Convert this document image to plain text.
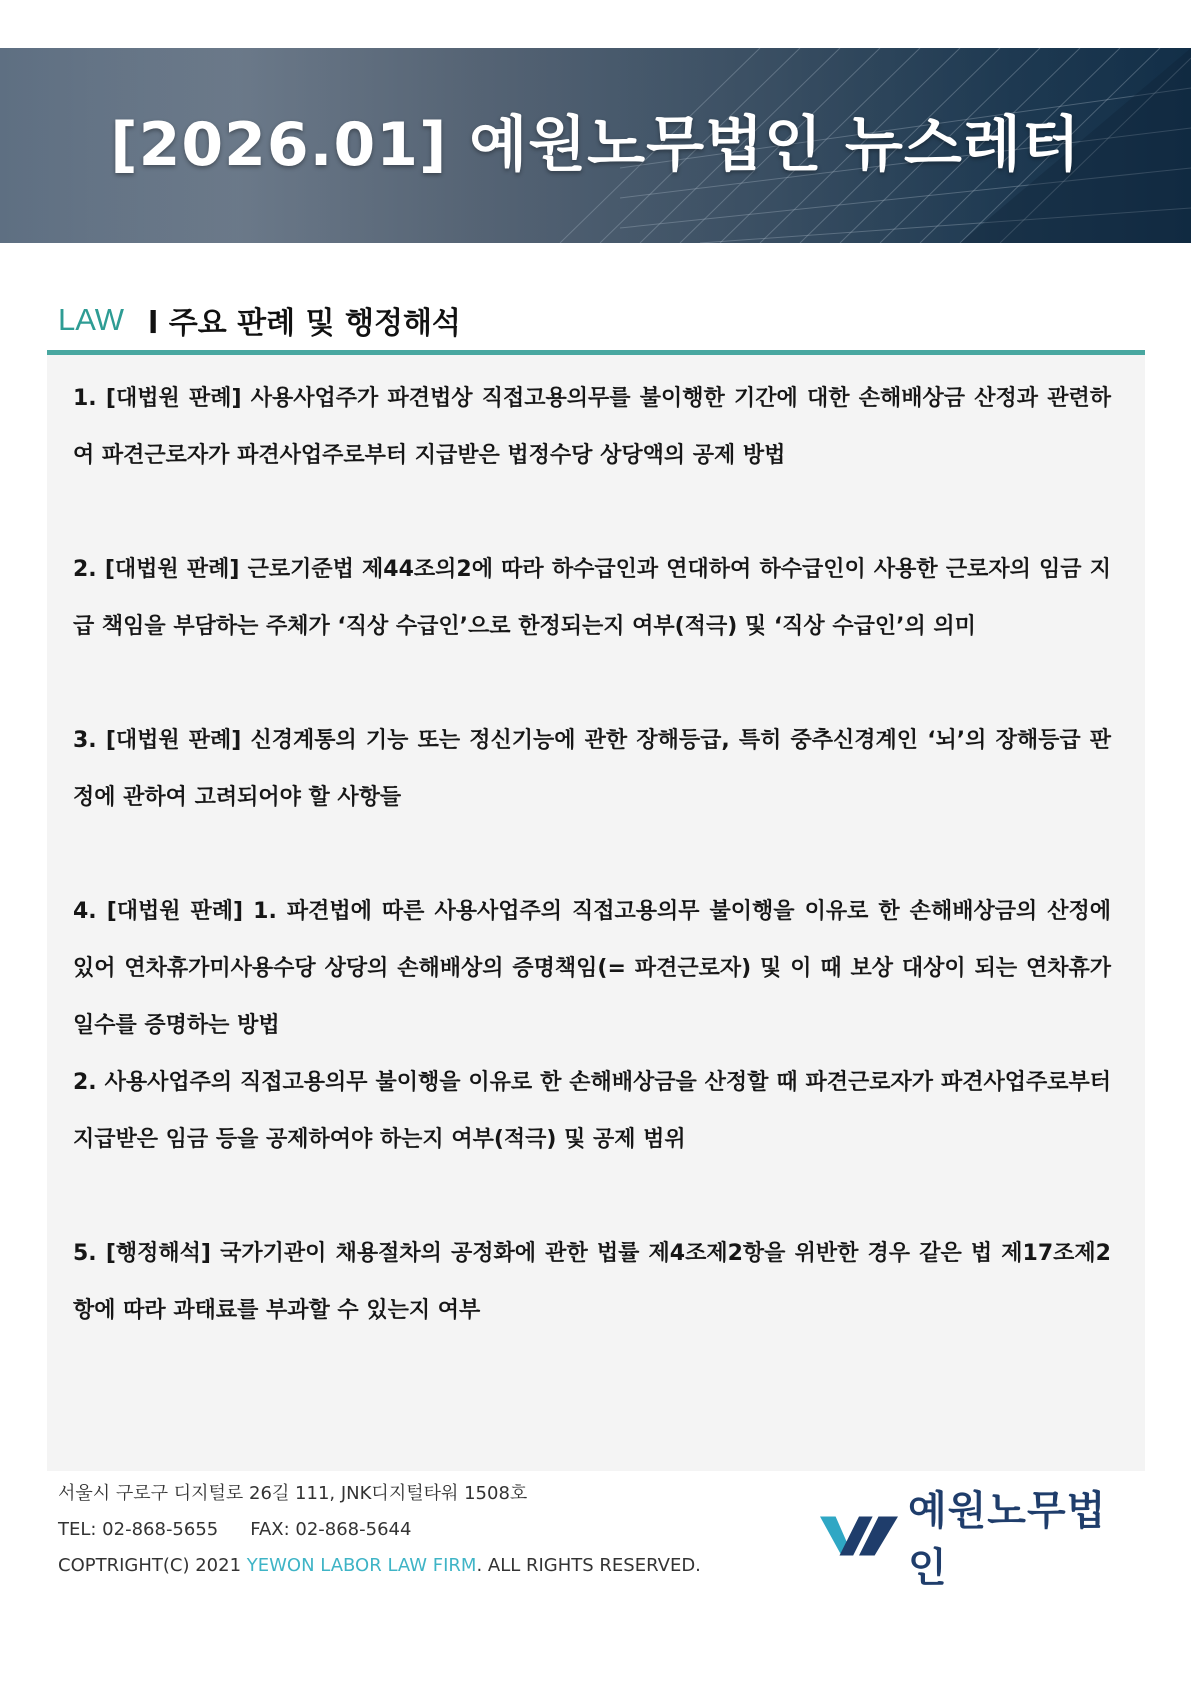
[2026.01] 예원노무법인 뉴스레터
LAW l 주요 판례 및 행정해석

1. [대법원 판례] 사용사업주가 파견법상 직접고용의무를 불이행한 기간에 대한 손해배상금 산정과 관련하여 파견근로자가 파견사업주로부터 지급받은 법정수당 상당액의 공제 방법

2. [대법원 판례] 근로기준법 제44조의2에 따라 하수급인과 연대하여 하수급인이 사용한 근로자의 임금 지급 책임을 부담하는 주체가 ‘직상 수급인’으로 한정되는지 여부(적극) 및 ‘직상 수급인’의 의미

3. [대법원 판례] 신경계통의 기능 또는 정신기능에 관한 장해등급, 특히 중추신경계인 ‘뇌’의 장해등급 판정에 관하여 고려되어야 할 사항들

4. [대법원 판례] 1. 파견법에 따른 사용사업주의 직접고용의무 불이행을 이유로 한 손해배상금의 산정에 있어 연차휴가미사용수당 상당의 손해배상의 증명책임(= 파견근로자) 및 이 때 보상 대상이 되는 연차휴가일수를 증명하는 방법

2. 사용사업주의 직접고용의무 불이행을 이유로 한 손해배상금을 산정할 때 파견근로자가 파견사업주로부터 지급받은 임금 등을 공제하여야 하는지 여부(적극) 및 공제 범위

5. [행정해석] 국가기관이 채용절차의 공정화에 관한 법률 제4조제2항을 위반한 경우 같은 법 제17조제2항에 따라 과태료를 부과할 수 있는지 여부

서울시 구로구 디지털로 26길 111, JNK디지털타워 1508호
TEL: 02-868-5655 FAX: 02-868-5644
COPTRIGHT(C) 2021 YEWON LABOR LAW FIRM. ALL RIGHTS RESERVED.
예원노무법인
